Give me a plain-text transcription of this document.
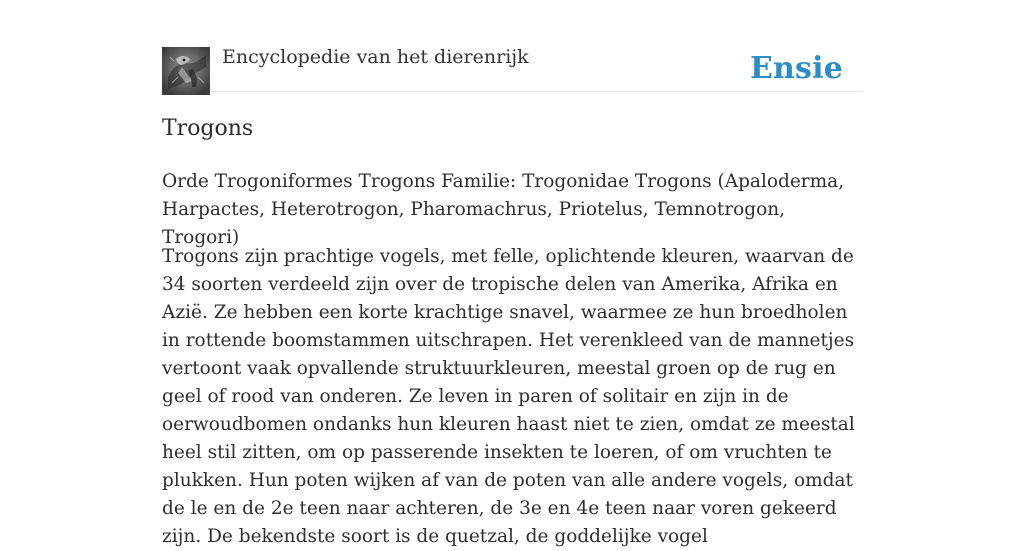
Encyclopedie van het dierenrijk	Ensie
Trogons

Orde Trogoniformes Trogons Familie: Trogonidae Trogons (Apaloderma, Harpactes, Heterotrogon, Pharomachrus, Priotelus, Temnotrogon, Trogori)

Trogons zijn prachtige vogels, met felle, oplichtende kleuren, waarvan de 34 soorten verdeeld zijn over de tropische delen van Amerika, Afrika en Azië. Ze hebben een korte krachtige snavel, waarmee ze hun broedholen in rottende boomstammen uitschrapen. Het verenkleed van de mannetjes vertoont vaak opvallende struktuurkleuren, meestal groen op de rug en geel of rood van onderen. Ze leven in paren of solitair en zijn in de oerwoudbomen ondanks hun kleuren haast niet te zien, omdat ze meestal heel stil zitten, om op passerende insekten te loeren, of om vruchten te plukken. Hun poten wijken af van de poten van alle andere vogels, omdat de le en de 2e teen naar achteren, de 3e en 4e teen naar voren gekeerd zijn. De bekendste soort is de quetzal, de goddelijke vogel
